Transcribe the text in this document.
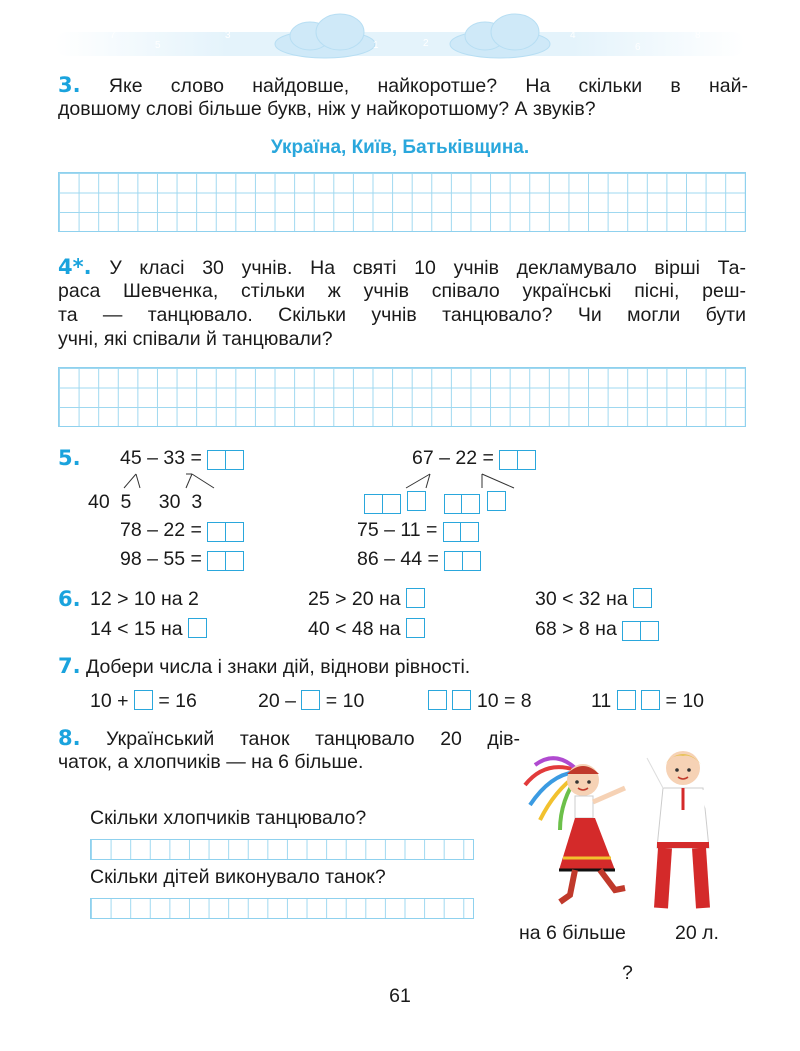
7
5
3
0
1	2
4
6
8
3. Яке слово найдовше, найкоротше? На скільки в най-
довшому слові більше букв, ніж у найкоротшому? А звуків?
Україна, Київ, Батьківщина.
4*. У класі 30 учнів. На святі 10 учнів декламувало вірші Та-
раса Шевченка, стільки ж учнів співало українські пісні, реш-
та — танцювало. Скільки учнів танцювало? Чи могли бути
учні, які співали й танцювали?
5. 45 – 33 =
40  5 30  3
67 – 22 =

78 – 22 =
98 – 55 =
75 – 11 =
86 – 44 =
6. 12 > 10 на 2	25 > 20 на	30 < 32 на
14 < 15 на	40 < 48 на	68 > 8 на
7. Добери числа і знаки дій, віднови рівності.
10 + = 16	20 – = 10	10 = 8	11	= 10
8. Український танок танцювало 20 дів-
чаток, а хлопчиків — на 6 більше.
Скільки хлопчиків танцювало?
Скільки дітей виконувало танок?
на 6 більше	20 л.
?
61
